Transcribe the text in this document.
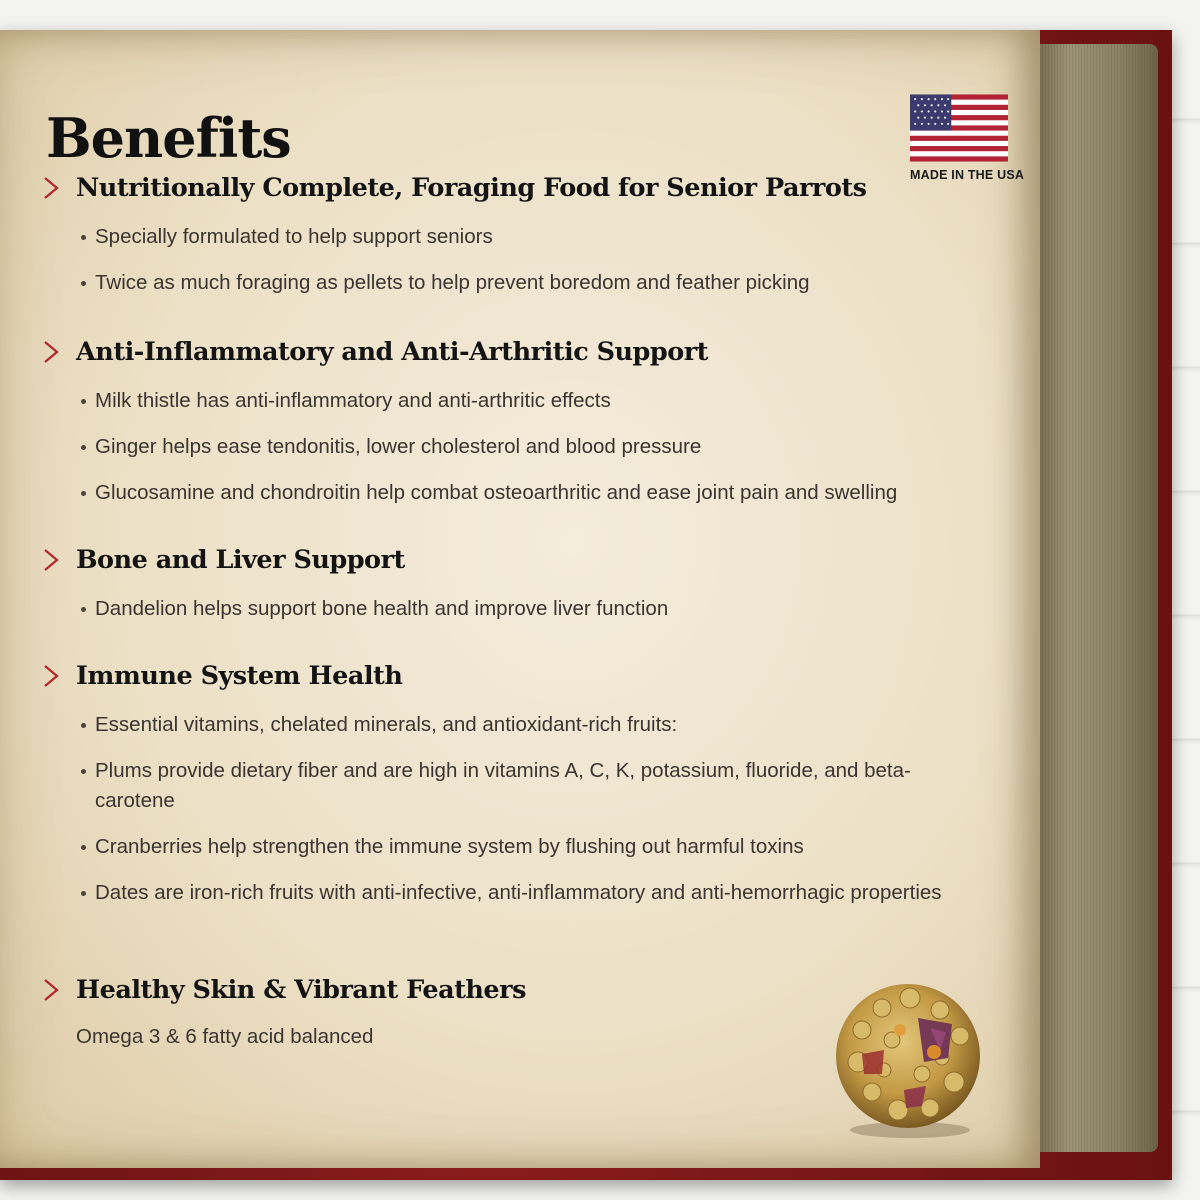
Benefits
MADE IN THE USA
Nutritionally Complete, Foraging Food for Senior Parrots
Specially formulated to help support seniors
Twice as much foraging as pellets to help prevent boredom and feather picking
Anti-Inflammatory and Anti-Arthritic Support
Milk thistle has anti-inflammatory and anti-arthritic effects
Ginger helps ease tendonitis, lower cholesterol and blood pressure
Glucosamine and chondroitin help combat osteoarthritic and ease joint pain and swelling
Bone and Liver Support
Dandelion helps support bone health and improve liver function
Immune System Health
Essential vitamins, chelated minerals, and antioxidant-rich fruits:
Plums provide dietary fiber and are high in vitamins A, C, K, potassium, fluoride, and beta-carotene
Cranberries help strengthen the immune system by flushing out harmful toxins
Dates are iron-rich fruits with anti-infective, anti-inflammatory and anti-hemorrhagic properties
Healthy Skin & Vibrant Feathers
Omega 3 & 6 fatty acid balanced
